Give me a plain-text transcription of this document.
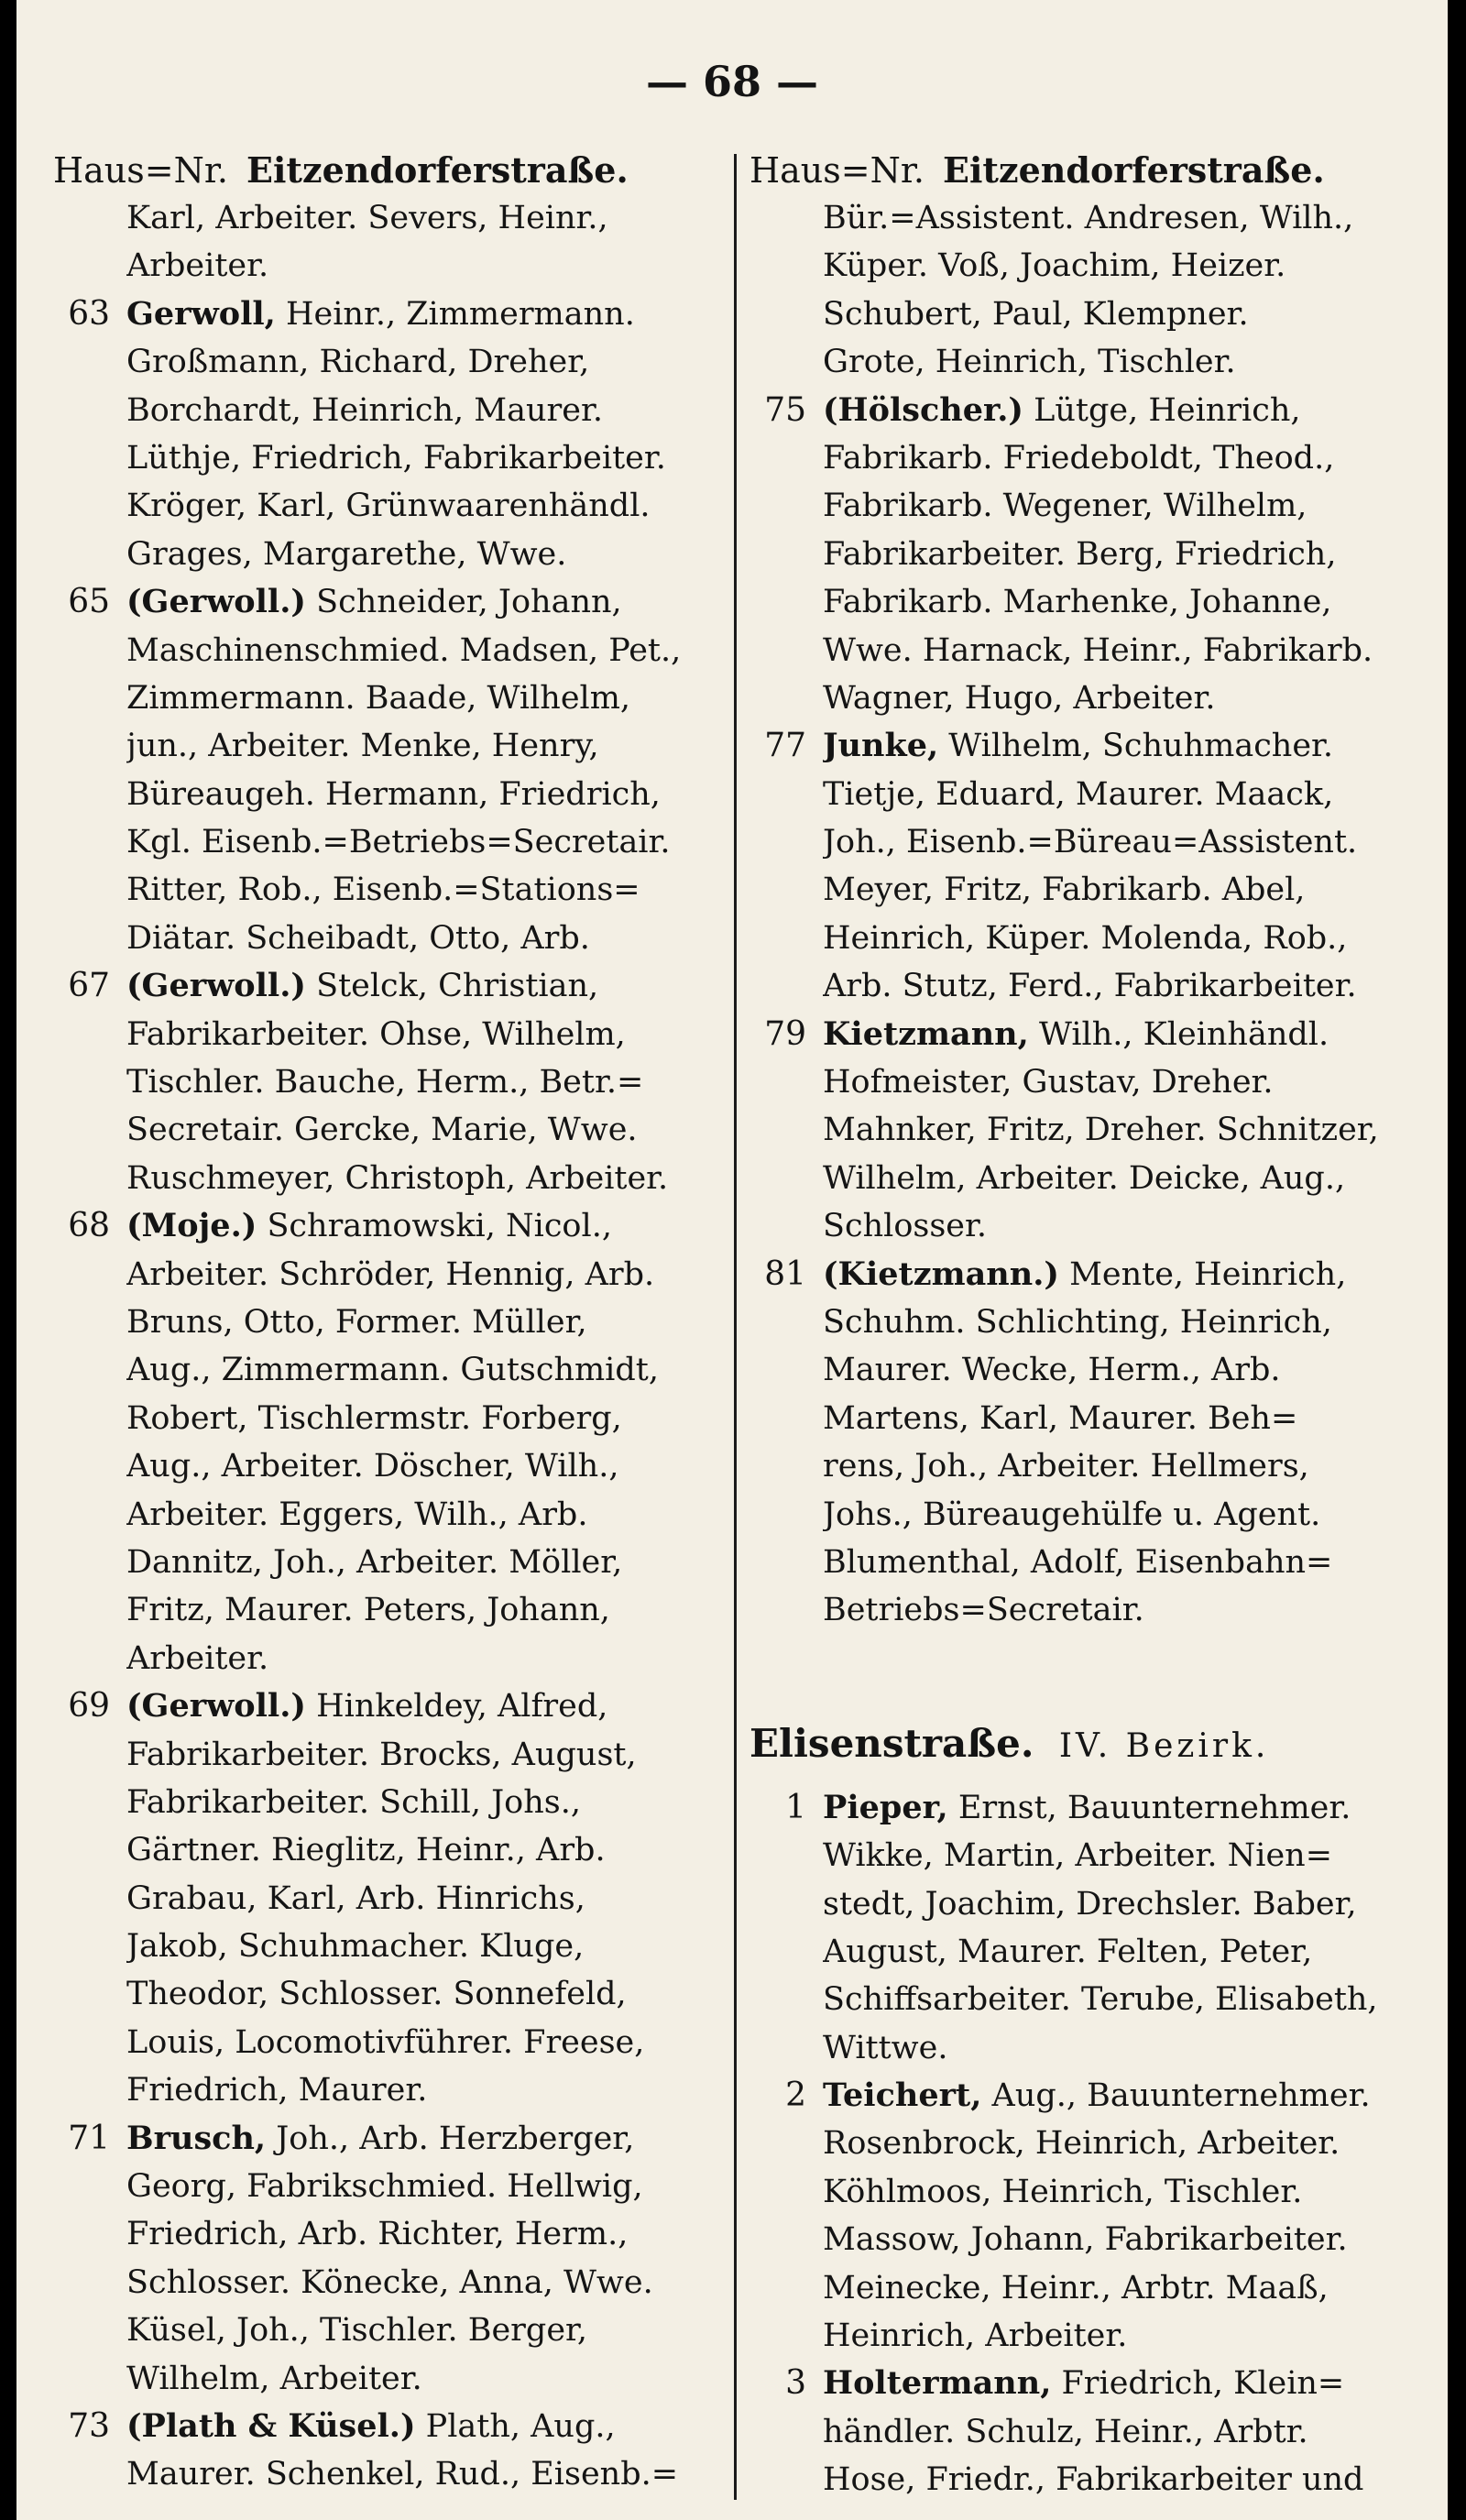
— 68 —
Haus=Nr. Eitzendorferstraße.
Karl, Arbeiter. Severs, Heinr.,
Arbeiter.
63 Gerwoll, Heinr., Zimmermann.
Großmann, Richard, Dreher,
Borchardt, Heinrich, Maurer.
Lüthje, Friedrich, Fabrikarbeiter.
Kröger, Karl, Grünwaarenhändl.
Grages, Margarethe, Wwe.
65 (Gerwoll.) Schneider, Johann,
Maschinenschmied. Madsen, Pet.,
Zimmermann. Baade, Wilhelm,
jun., Arbeiter. Menke, Henry,
Büreaugeh. Hermann, Friedrich,
Kgl. Eisenb.=Betriebs=Secretair.
Ritter, Rob., Eisenb.=Stations=
Diätar. Scheibadt, Otto, Arb.
67 (Gerwoll.) Stelck, Christian,
Fabrikarbeiter. Ohse, Wilhelm,
Tischler. Bauche, Herm., Betr.=
Secretair. Gercke, Marie, Wwe.
Ruschmeyer, Christoph, Arbeiter.
68 (Moje.) Schramowski, Nicol.,
Arbeiter. Schröder, Hennig, Arb.
Bruns, Otto, Former. Müller,
Aug., Zimmermann. Gutschmidt,
Robert, Tischlermstr. Forberg,
Aug., Arbeiter. Döscher, Wilh.,
Arbeiter. Eggers, Wilh., Arb.
Dannitz, Joh., Arbeiter. Möller,
Fritz, Maurer. Peters, Johann,
Arbeiter.
69 (Gerwoll.) Hinkeldey, Alfred,
Fabrikarbeiter. Brocks, August,
Fabrikarbeiter. Schill, Johs.,
Gärtner. Rieglitz, Heinr., Arb.
Grabau, Karl, Arb. Hinrichs,
Jakob, Schuhmacher. Kluge,
Theodor, Schlosser. Sonnefeld,
Louis, Locomotivführer. Freese,
Friedrich, Maurer.
71 Brusch, Joh., Arb. Herzberger,
Georg, Fabrikschmied. Hellwig,
Friedrich, Arb. Richter, Herm.,
Schlosser. Könecke, Anna, Wwe.
Küsel, Joh., Tischler. Berger,
Wilhelm, Arbeiter.
73 (Plath & Küsel.) Plath, Aug.,
Maurer. Schenkel, Rud., Eisenb.=
Haus=Nr. Eitzendorferstraße.
Bür.=Assistent. Andresen, Wilh.,
Küper. Voß, Joachim, Heizer.
Schubert, Paul, Klempner.
Grote, Heinrich, Tischler.
75 (Hölscher.) Lütge, Heinrich,
Fabrikarb. Friedeboldt, Theod.,
Fabrikarb. Wegener, Wilhelm,
Fabrikarbeiter. Berg, Friedrich,
Fabrikarb. Marhenke, Johanne,
Wwe. Harnack, Heinr., Fabrikarb.
Wagner, Hugo, Arbeiter.
77 Junke, Wilhelm, Schuhmacher.
Tietje, Eduard, Maurer. Maack,
Joh., Eisenb.=Büreau=Assistent.
Meyer, Fritz, Fabrikarb. Abel,
Heinrich, Küper. Molenda, Rob.,
Arb. Stutz, Ferd., Fabrikarbeiter.
79 Kietzmann, Wilh., Kleinhändl.
Hofmeister, Gustav, Dreher.
Mahnker, Fritz, Dreher. Schnitzer,
Wilhelm, Arbeiter. Deicke, Aug.,
Schlosser.
81 (Kietzmann.) Mente, Heinrich,
Schuhm. Schlichting, Heinrich,
Maurer. Wecke, Herm., Arb.
Martens, Karl, Maurer. Beh=
rens, Joh., Arbeiter. Hellmers,
Johs., Büreaugehülfe u. Agent.
Blumenthal, Adolf, Eisenbahn=
Betriebs=Secretair.
Elisenstraße. IV. Bezirk.
1 Pieper, Ernst, Bauunternehmer.
Wikke, Martin, Arbeiter. Nien=
stedt, Joachim, Drechsler. Baber,
August, Maurer. Felten, Peter,
Schiffsarbeiter. Terube, Elisabeth,
Wittwe.
2 Teichert, Aug., Bauunternehmer.
Rosenbrock, Heinrich, Arbeiter.
Köhlmoos, Heinrich, Tischler.
Massow, Johann, Fabrikarbeiter.
Meinecke, Heinr., Arbtr. Maaß,
Heinrich, Arbeiter.
3 Holtermann, Friedrich, Klein=
händler. Schulz, Heinr., Arbtr.
Hose, Friedr., Fabrikarbeiter und
